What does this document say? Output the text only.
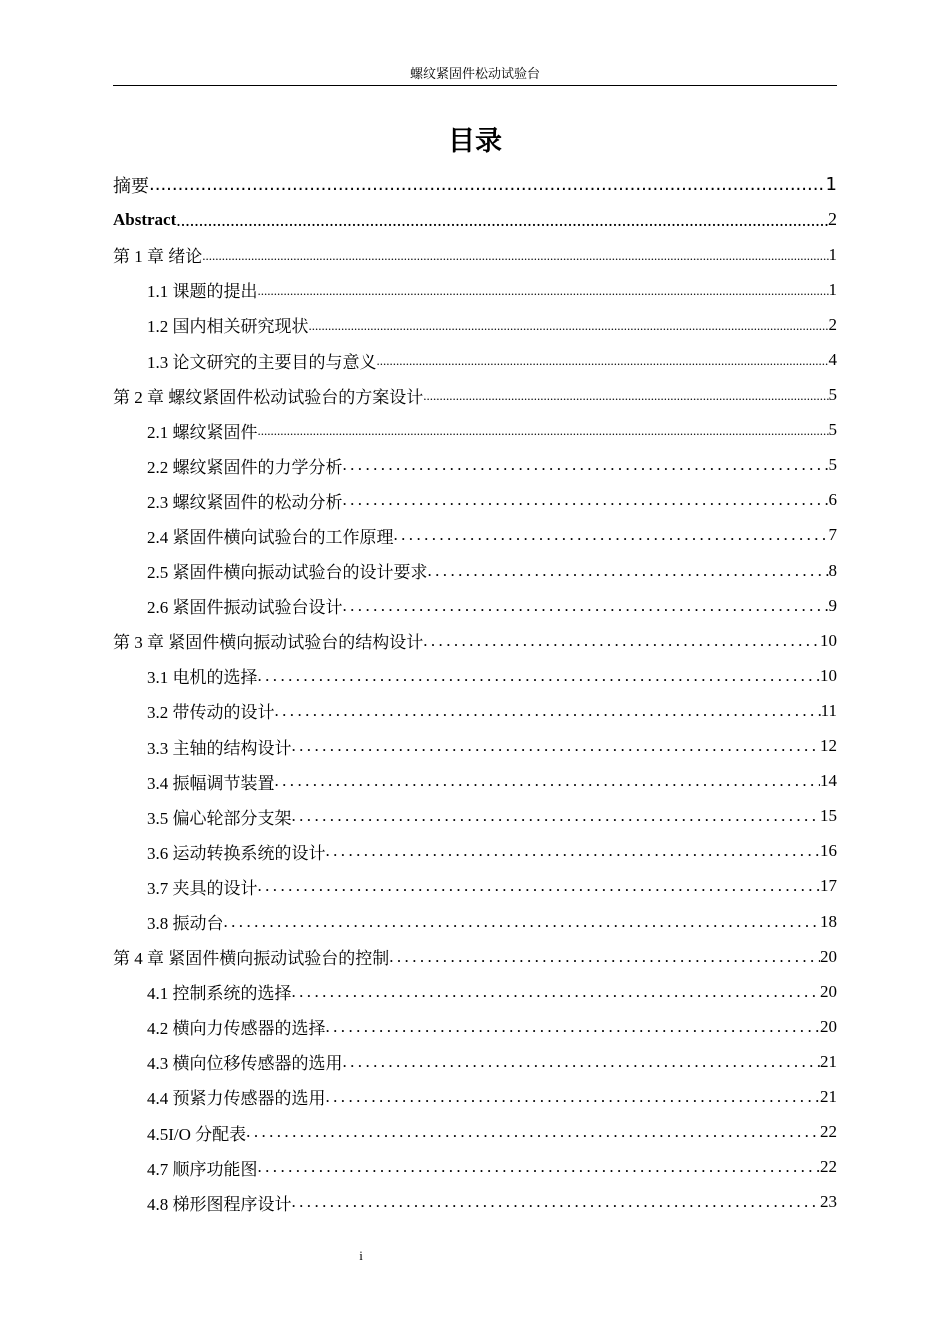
螺纹紧固件松动试验台
目录
摘要 .....	1
Abstract .....	2
第 1 章 绪论 .....	1
1.1 课题的提出 .....	1
1.2 国内相关研究现状 .....	2
1.3 论文研究的主要目的与意义 .....	4
第 2 章 螺纹紧固件松动试验台的方案设计 .....	5
2.1 螺纹紧固件 .....	5
2.2 螺纹紧固件的力学分析 .....	5
2.3 螺纹紧固件的松动分析 .....	6
2.4 紧固件横向试验台的工作原理 .....	7
2.5 紧固件横向振动试验台的设计要求 .....	8
2.6 紧固件振动试验台设计 .....	9
第 3 章 紧固件横向振动试验台的结构设计 .....	10
3.1 电机的选择 .....	10
3.2 带传动的设计 .....	11
3.3 主轴的结构设计 .....	12
3.4 振幅调节装置 .....	14
3.5 偏心轮部分支架 .....	15
3.6 运动转换系统的设计 .....	16
3.7 夹具的设计 .....	17
3.8 振动台 .....	18
第 4 章 紧固件横向振动试验台的控制 .....	20
4.1 控制系统的选择 .....	20
4.2 横向力传感器的选择 .....	20
4.3 横向位移传感器的选用 .....	21
4.4 预紧力传感器的选用 .....	21
4.5I/O 分配表 .....	22
4.7 顺序功能图 .....	22
4.8 梯形图程序设计 .....	23
i
